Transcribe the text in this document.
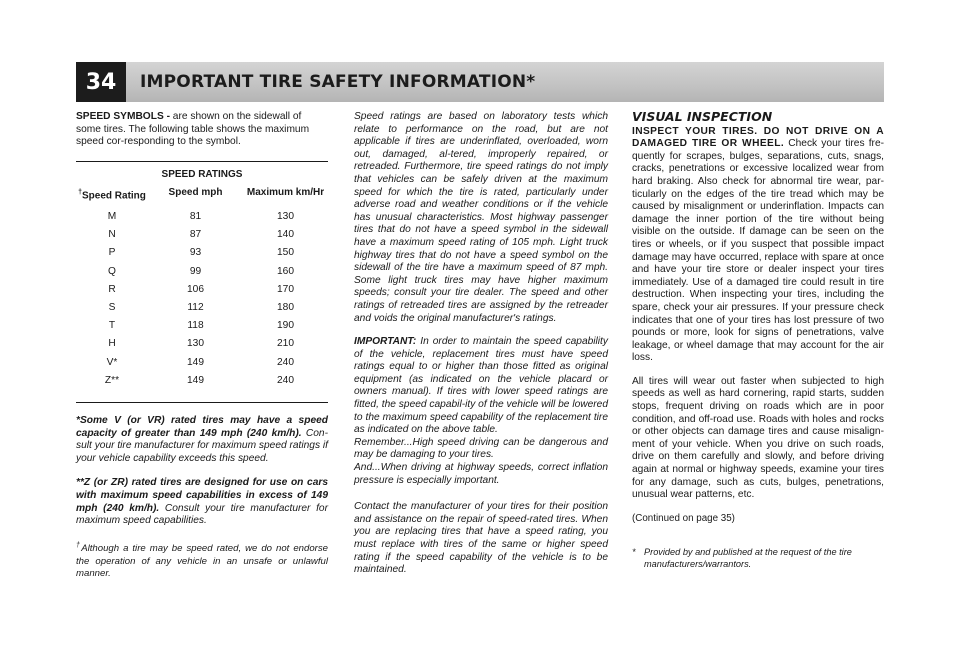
34	IMPORTANT TIRE SAFETY INFORMATION*

SPEED SYMBOLS - are shown on the sidewall of some tires. The following table shows the maximum speed cor-responding to the symbol.

SPEED RATINGS
†Speed Rating	Speed mph	Maximum km/Hr
M	81	130
N	87	140
P	93	150
Q	99	160
R	106	170
S	112	180
T	118	190
H	130	210
V*	149	240
Z**	149	240

*Some V (or VR) rated tires may have a speed capacity of greater than 149 mph (240 km/h). Con-sult your tire manufacturer for maximum speed ratings if your vehicle capability exceeds this speed.

**Z (or ZR) rated tires are designed for use on cars with maximum speed capabilities in excess of 149 mph (240 km/h). Consult your tire manufacturer for maximum speed capabilities.

†Although a tire may be speed rated, we do not endorse the operation of any vehicle in an unsafe or unlawful manner.

Speed ratings are based on laboratory tests which relate to performance on the road, but are not applicable if tires are underinflated, overloaded, worn out, damaged, al-tered, improperly repaired, or retreaded. Furthermore, tire speed ratings do not imply that vehicles can be safely driven at the maximum speed for which the tire is rated, particularly under adverse road and weather conditions or if the vehicle has unusual characteristics. Most highway passenger tires that do not have a speed symbol in the sidewall have a maximum speed rating of 105 mph. Light truck highway tires that do not have a speed symbol on the sidewall of the tire have a maximum speed of 87 mph. Some light truck tires may have higher maximum speeds; consult your tire dealer. The speed and other ratings of retreaded tires are assigned by the retreader and voids the original manufacturer's ratings.

IMPORTANT: In order to maintain the speed capability of the vehicle, replacement tires must have speed ratings equal to or higher than those fitted as original equipment (as indicated on the vehicle placard or owners manual). If tires with lower speed ratings are fitted, the speed capabil-ity of the vehicle will be lowered to the maximum speed capability of the replacement tire as indicated on the above table.

Remember...High speed driving can be dangerous and may be damaging to your tires.

And...When driving at highway speeds, correct inflation pressure is especially important.

Contact the manufacturer of your tires for their position and assistance on the repair of speed-rated tires. When you are replacing tires that have a speed rating, you must replace with tires of the same or higher speed rating if the speed capability of the vehicle is to be maintained.

VISUAL INSPECTION

INSPECT YOUR TIRES. DO NOT DRIVE ON A DAMAGED TIRE OR WHEEL. Check your tires fre-quently for scrapes, bulges, separations, cuts, snags, cracks, penetrations or excessive localized wear from hard braking. Also check for abnormal tire wear, par-ticularly on the edges of the tire tread which may be caused by misalignment or underinflation. Impacts can damage the inner portion of the tire without being visible on the outside. If damage can be seen on the tires or wheels, or if you suspect that possible impact damage may have occurred, replace with spare at once and have your tire store or dealer inspect your tires immediately. Use of a damaged tire could result in tire destruction. When inspecting your tires, including the spare, check your air pressures. If your pressure check indicates that one of your tires has lost pressure of two pounds or more, look for signs of penetrations, valve leakage, or wheel damage that may account for the air loss.

All tires will wear out faster when subjected to high speeds as well as hard cornering, rapid starts, sudden stops, frequent driving on roads which are in poor condition, and off-road use. Roads with holes and rocks or other objects can damage tires and cause misalign-ment of your vehicle. When you drive on such roads, drive on them carefully and slowly, and before driving again at normal or highway speeds, examine your tires for any damage, such as cuts, bulges, penetrations, unusual wear patterns, etc.

(Continued on page 35)

* Provided by and published at the request of the tire manufacturers/warrantors.
